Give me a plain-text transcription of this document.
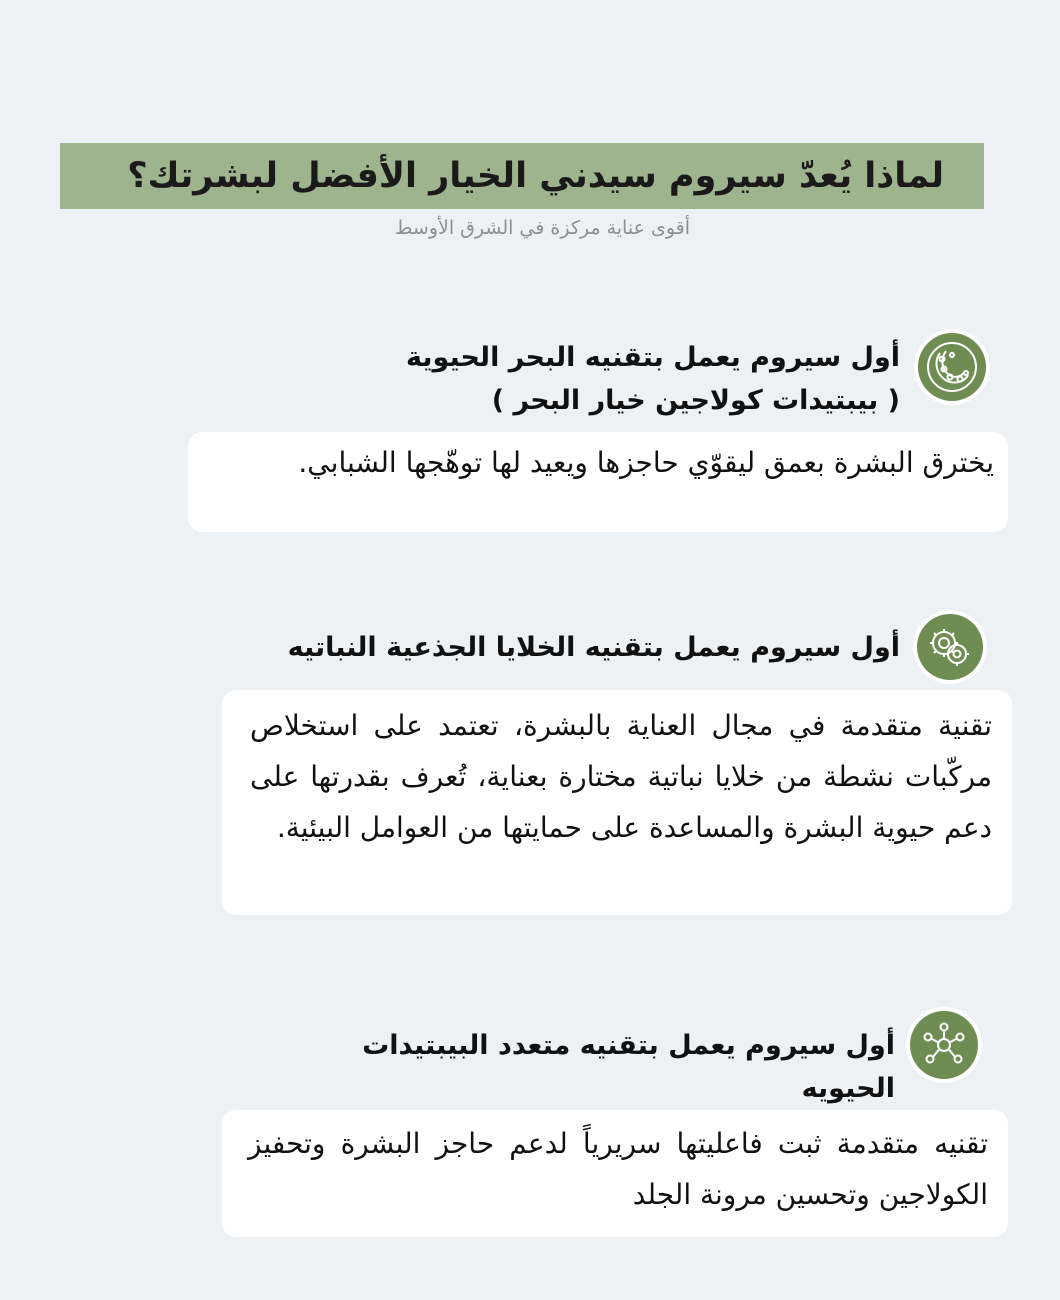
لماذا يُعدّ سيروم سيدني الخيار الأفضل لبشرتك؟
أقوى عناية مركزة في الشرق الأوسط
أول سيروم يعمل بتقنيه البحر الحيوية
( بيبتيدات كولاجين خيار البحر )
يخترق البشرة بعمق ليقوّي حاجزها ويعيد لها توهّجها الشبابي.
أول سيروم يعمل بتقنيه الخلايا الجذعية النباتيه
تقنية متقدمة في مجال العناية بالبشرة، تعتمد على استخلاص مركّبات نشطة من خلايا نباتية مختارة بعناية، تُعرف بقدرتها على دعم حيوية البشرة والمساعدة على حمايتها من العوامل البيئية.
أول سيروم يعمل بتقنيه متعدد البيبتيدات
الحيويه
تقنيه متقدمة ثبت فاعليتها سريرياً لدعم حاجز البشرة وتحفيز الكولاجين وتحسين مرونة الجلد
